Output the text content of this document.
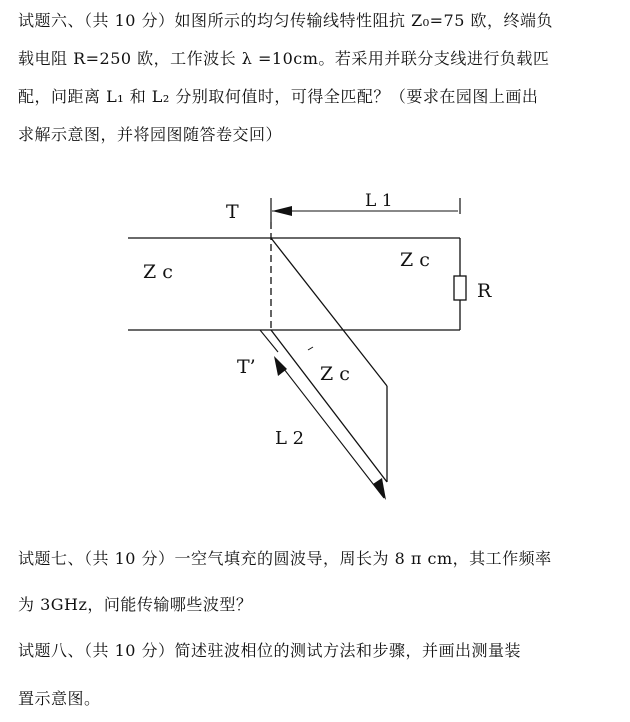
试题六、（共 10 分）如图所示的均匀传输线特性阻抗 Z₀=75 欧，终端负
载电阻 R=250 欧，工作波长 λ =10cm。若采用并联分支线进行负载匹
配，问距离 L₁ 和 L₂ 分别取何值时，可得全匹配？（要求在园图上画出
求解示意图，并将园图随答卷交回）
T
T’
L 1
L 2
Z c
Z c
Z c
R
试题七、（共 10 分）一空气填充的圆波导，周长为 8 π cm，其工作频率
为 3GHz，问能传输哪些波型？
试题八、（共 10 分）简述驻波相位的测试方法和步骤，并画出测量装
置示意图。
